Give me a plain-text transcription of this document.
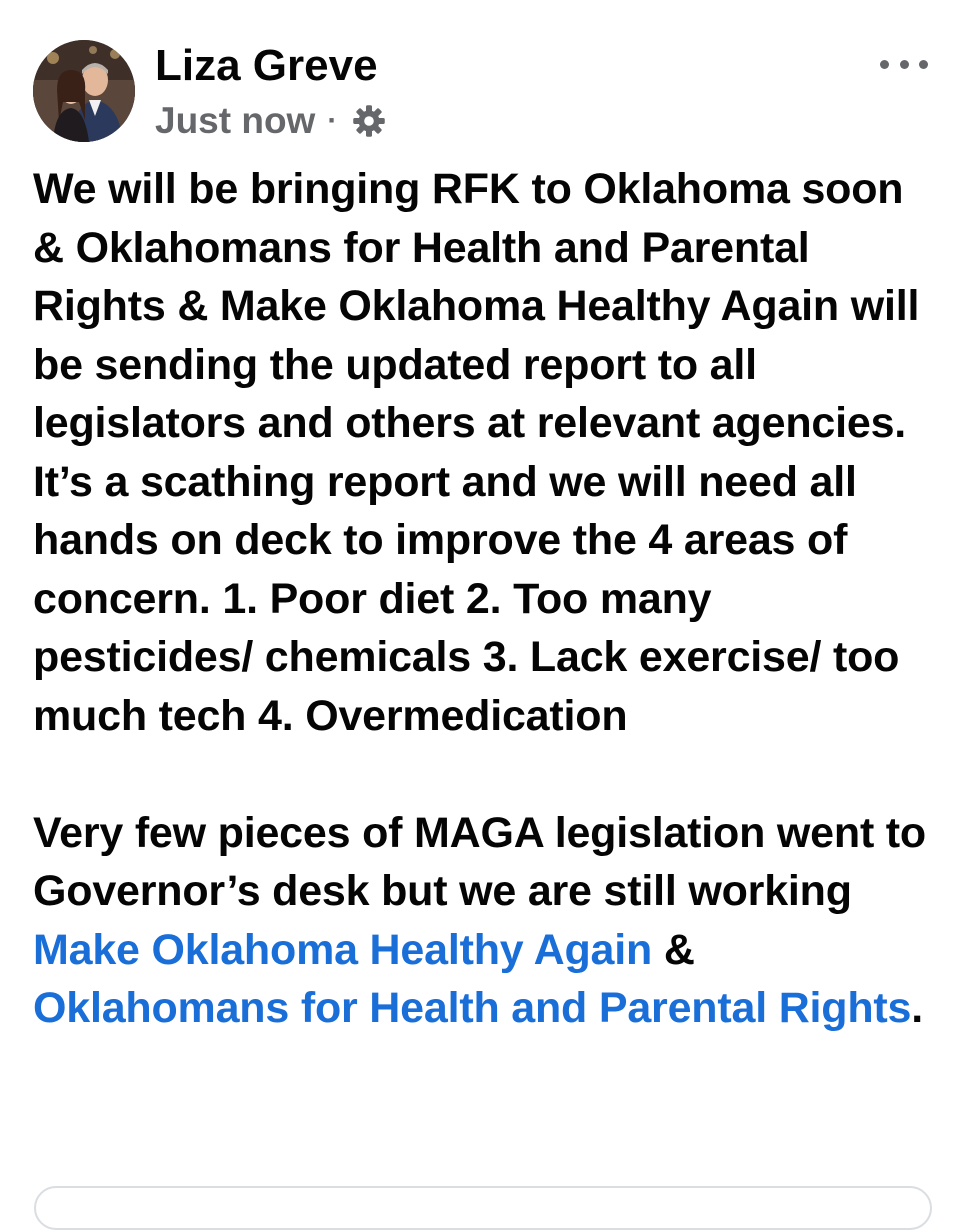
Liza Greve
Just now ·

We will be bringing RFK to Oklahoma soon & Oklahomans for Health and Parental Rights & Make Oklahoma Healthy Again will be sending the updated report to all legislators and others at relevant agencies. It’s a scathing report and we will need all hands on deck to improve the 4 areas of concern. 1. Poor diet 2. Too many pesticides/ chemicals 3. Lack exercise/ too much tech 4. Overmedication

Very few pieces of MAGA legislation went to Governor’s desk but we are still working Make Oklahoma Healthy Again & Oklahomans for Health and Parental Rights.
